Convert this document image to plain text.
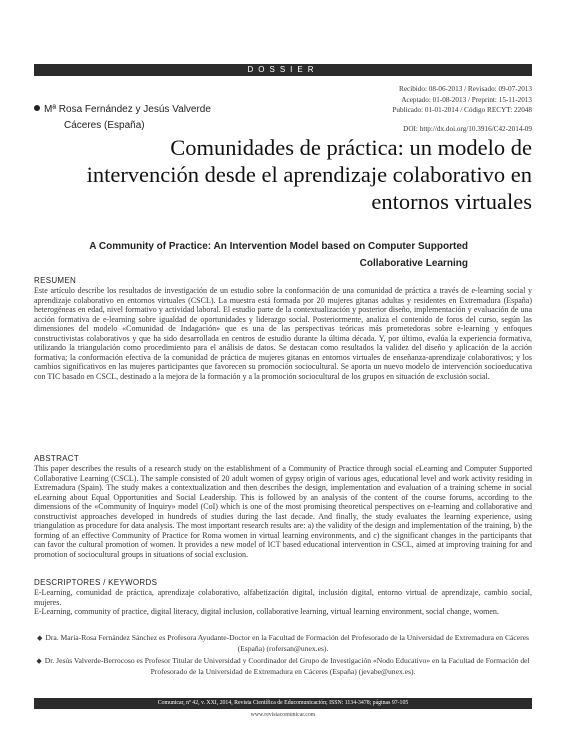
DOSSIER
Recibido: 08-06-2013 / Revisado: 09-07-2013
Aceptado: 01-08-2013 / Preprint: 15-11-2013
Publicado: 01-01-2014 / Código RECYT: 22048
DOI: http://dx.doi.org/10.3916/C42-2014-09
Mª Rosa Fernández y Jesús Valverde
Cáceres (España)
Comunidades de práctica: un modelo de intervención desde el aprendizaje colaborativo en entornos virtuales
A Community of Practice: An Intervention Model based on Computer Supported Collaborative Learning
RESUMEN
Este artículo describe los resultados de investigación de un estudio sobre la conformación de una comunidad de práctica a través de e-learning social y aprendizaje colaborativo en entornos virtuales (CSCL). La muestra está formada por 20 mujeres gitanas adultas y residentes en Extremadura (España) heterogéneas en edad, nivel formativo y actividad laboral. El estudio parte de la contextualización y posterior diseño, implementación y evaluación de una acción formativa de e-learning sobre igualdad de oportunidades y liderazgo social. Posteriormente, analiza el contenido de foros del curso, según las dimensiones del modelo «Comunidad de Indagación» que es una de las perspectivas teóricas más prometedoras sobre e-learning y enfoques constructivistas colaborativos y que ha sido desarrollada en centros de estudio durante la última década. Y, por último, evalúa la experiencia formativa, utilizando la triangulación como procedimiento para el análisis de datos. Se destacan como resultados la validez del diseño y aplicación de la acción formativa; la conformación efectiva de la comunidad de práctica de mujeres gitanas en entornos virtuales de enseñanza-aprendizaje colaborativos; y los cambios significativos en las mujeres participantes que favorecen su promoción sociocultural. Se aporta un nuevo modelo de intervención socioeducativa con TIC basado en CSCL, destinado a la mejora de la formación y a la promoción sociocultural de los grupos en situación de exclusión social.
ABSTRACT
This paper describes the results of a research study on the establishment of a Community of Practice through social eLearning and Computer Supported Collaborative Learning (CSCL). The sample consisted of 20 adult women of gypsy origin of various ages, educational level and work activity residing in Extremadura (Spain). The study makes a contextualization and then describes the design, implementation and evaluation of a training scheme in social eLearning about Equal Opportunities and Social Leadership. This is followed by an analysis of the content of the course forums, according to the dimensions of the «Community of Inquiry» model (CoI) which is one of the most promising theoretical perspectives on e-learning and collaborative and constructivist approaches developed in hundreds of studies during the last decade. And finally, the study evaluates the learning experience, using triangulation as procedure for data analysis. The most important research results are: a) the validity of the design and implementation of the training, b) the forming of an effective Community of Practice for Roma women in virtual learning environments, and c) the significant changes in the participants that can favor the cultural promotion of women. It provides a new model of ICT based educational intervention in CSCL, aimed at improving training for and promotion of sociocultural groups in situations of social exclusion.
DESCRIPTORES / KEYWORDS
E-Learning, comunidad de práctica, aprendizaje colaborativo, alfabetización digital, inclusión digital, entorno virtual de aprendizaje, cambio social, mujeres.
E-Learning, community of practice, digital literacy, digital inclusion, collaborative learning, virtual learning environment, social change, women.
◆ Dra. María-Rosa Fernández Sánchez es Profesora Ayudante-Doctor en la Facultad de Formación del Profesorado de la Universidad de Extremadura en Cáceres (España) (rofersan@unex.es).
◆ Dr. Jesús Valverde-Berrocoso es Profesor Titular de Universidad y Coordinador del Grupo de Investigación «Nodo Educativo» en la Facultad de Formación del Profesorado de la Universidad de Extremadura en Cáceres (España) (jevabe@unex.es).
Comunicar, nº 42, v. XXI, 2014, Revista Científica de Educomunicación; ISSN: 1134-3478; páginas 97-105
www.revistacomunicar.com
